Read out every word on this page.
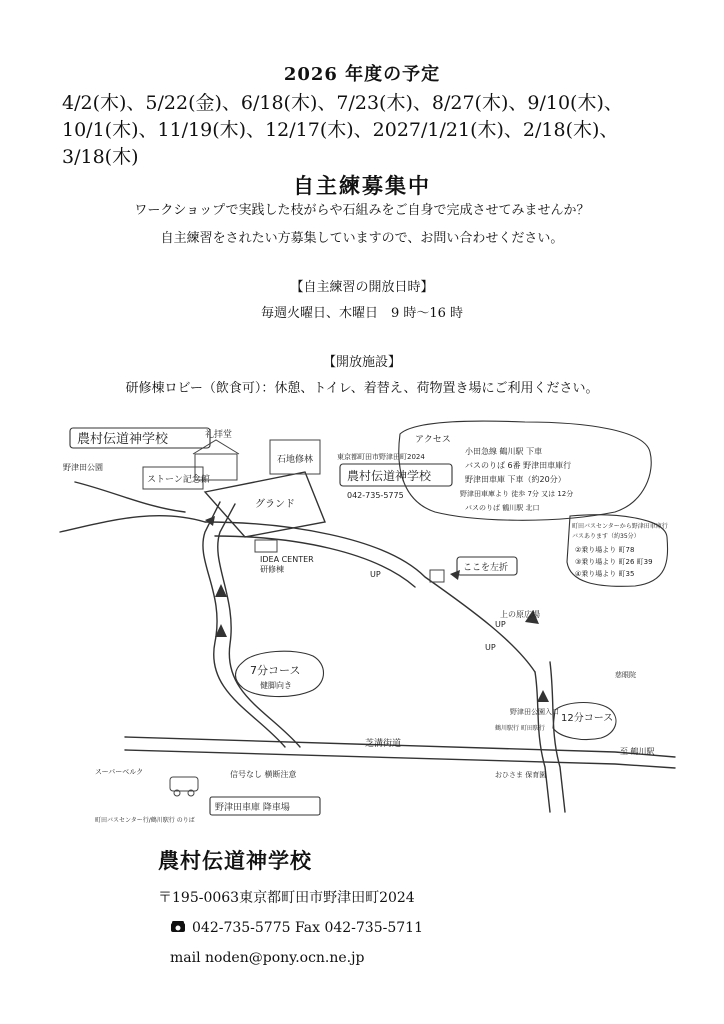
2026 年度の予定
4/2(木)、5/22(金)、6/18(木)、7/23(木)、8/27(木)、9/10(木)、
10/1(木)、11/19(木)、12/17(木)、2027/1/21(木)、2/18(木)、
3/18(木)
自主練募集中
ワークショップで実践した枝がらや石組みをご自身で完成させてみませんか？
自主練習をされたい方募集していますので、お問い合わせください。
【自主練習の開放日時】
毎週火曜日、木曜日　9 時〜16 時
【開放施設】
研修棟ロビー（飲食可）：休憩、トイレ、着替え、荷物置き場にご利用ください。
農村伝道神学校	礼拝堂
石地修林
ストーン記念館
グランド
IDEA CENTER
研修棟
野津田公園
東京都町田市野津田町2024
農村伝道神学校
042-735-5775
アクセス
小田急線 鶴川駅 下車
バスのりば 6番 野津田車庫行
野津田車庫 下車（約20分）
野津田車庫より 徒歩 7分 又は 12分
バスのりば 鶴川駅 北口
町田バスセンターから野津田車庫行
バスあります（約35分）
②乗り場より 町78
③乗り場より 町26 町39
④乗り場より 町35
ここを左折
UP
UP
UP
上の原広場
7分コース
健脚向き
12分コース
芝溝街道
至 鶴川駅
野津田車庫 降車場
信号なし 横断注意
スーパーベルク
町田バスセンター行/鶴川駅行 のりば
野津田公園入口
鶴川駅行 町田駅行
おひさま 保育園
慈眼院
農村伝道神学校
〒195-0063東京都町田市野津田町2024
042-735-5775 Fax 042-735-5711
mail noden@pony.ocn.ne.jp
